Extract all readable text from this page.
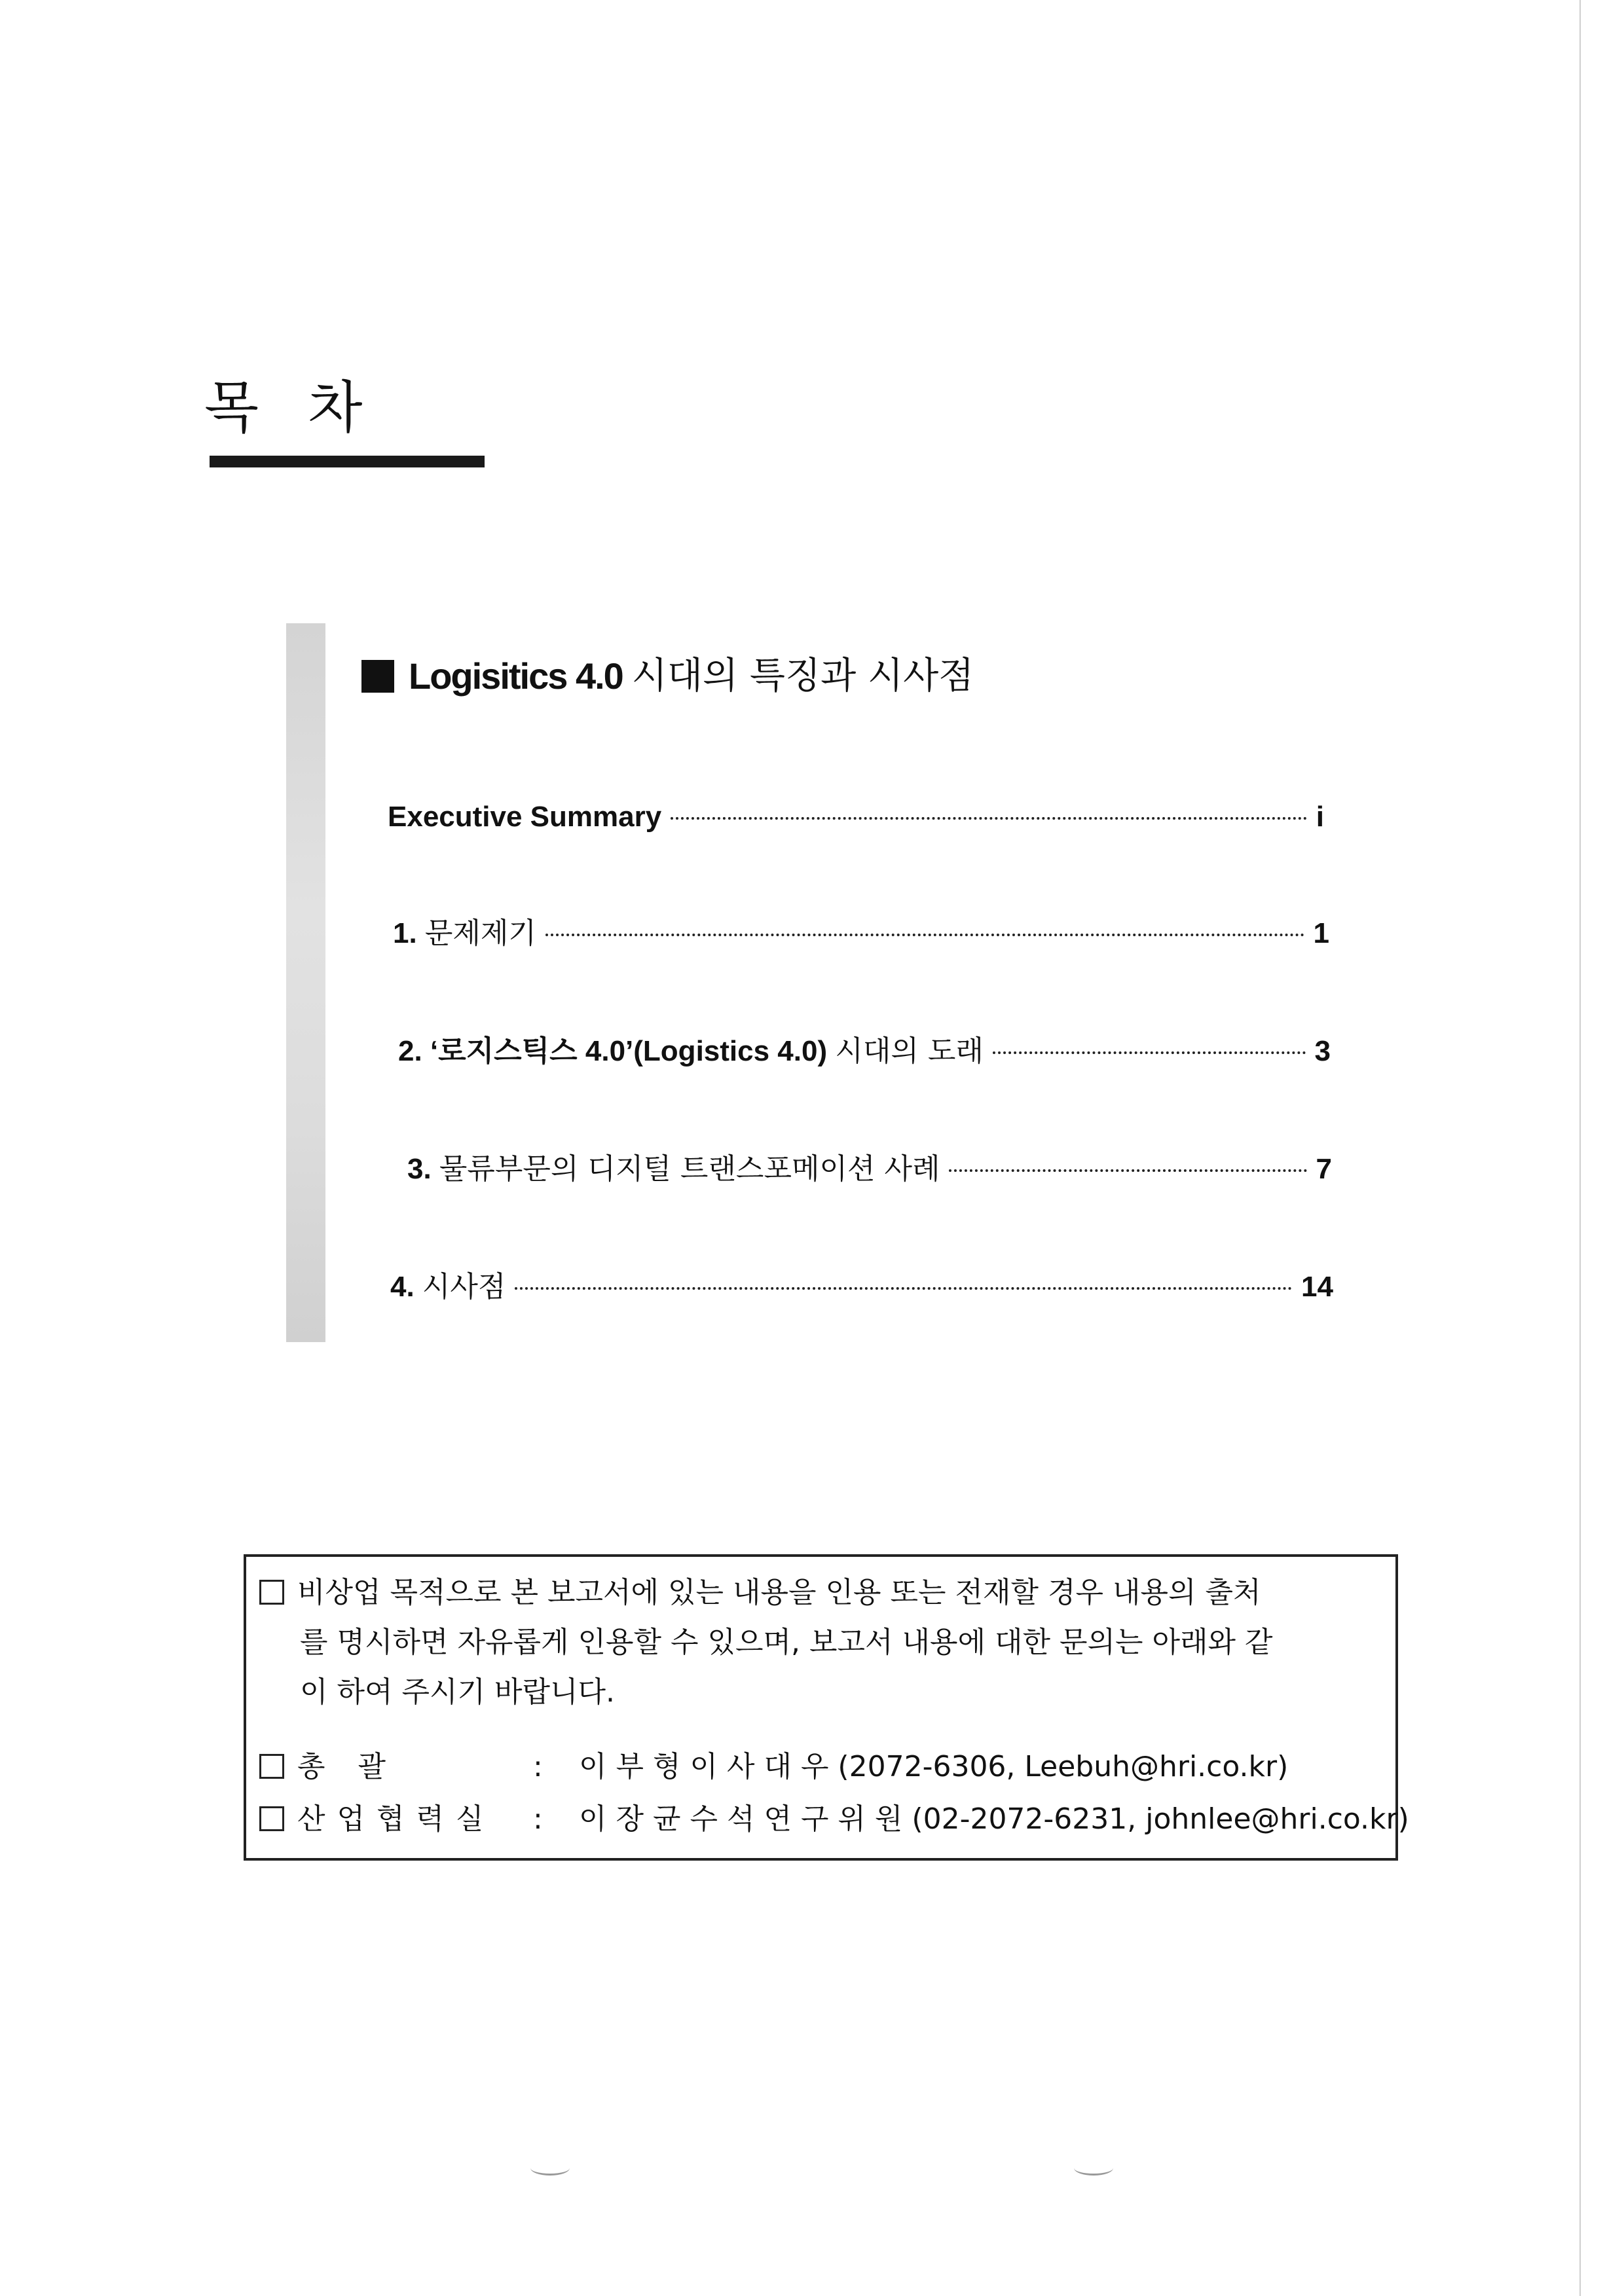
목 차
Logisitics 4.0 시대의 특징과 시사점
Executive Summary	i
1. 문제제기	1
2. ‘로지스틱스 4.0’(Logistics 4.0) 시대의 도래	3
3. 물류부문의 디지털 트랜스포메이션 사례	7
4. 시사점	14
비상업 목적으로 본 보고서에 있는 내용을 인용 또는 전재할 경우 내용의 출처
를 명시하면 자유롭게 인용할 수 있으며, 보고서 내용에 대한 문의는 아래와 같
이 하여 주시기 바랍니다.
총 괄	:	이 부 형 이 사 대 우 (2072-6306, Leebuh@hri.co.kr)
산업협력실	:	이 장 균 수 석 연 구 위 원 (02-2072-6231, johnlee@hri.co.kr)
